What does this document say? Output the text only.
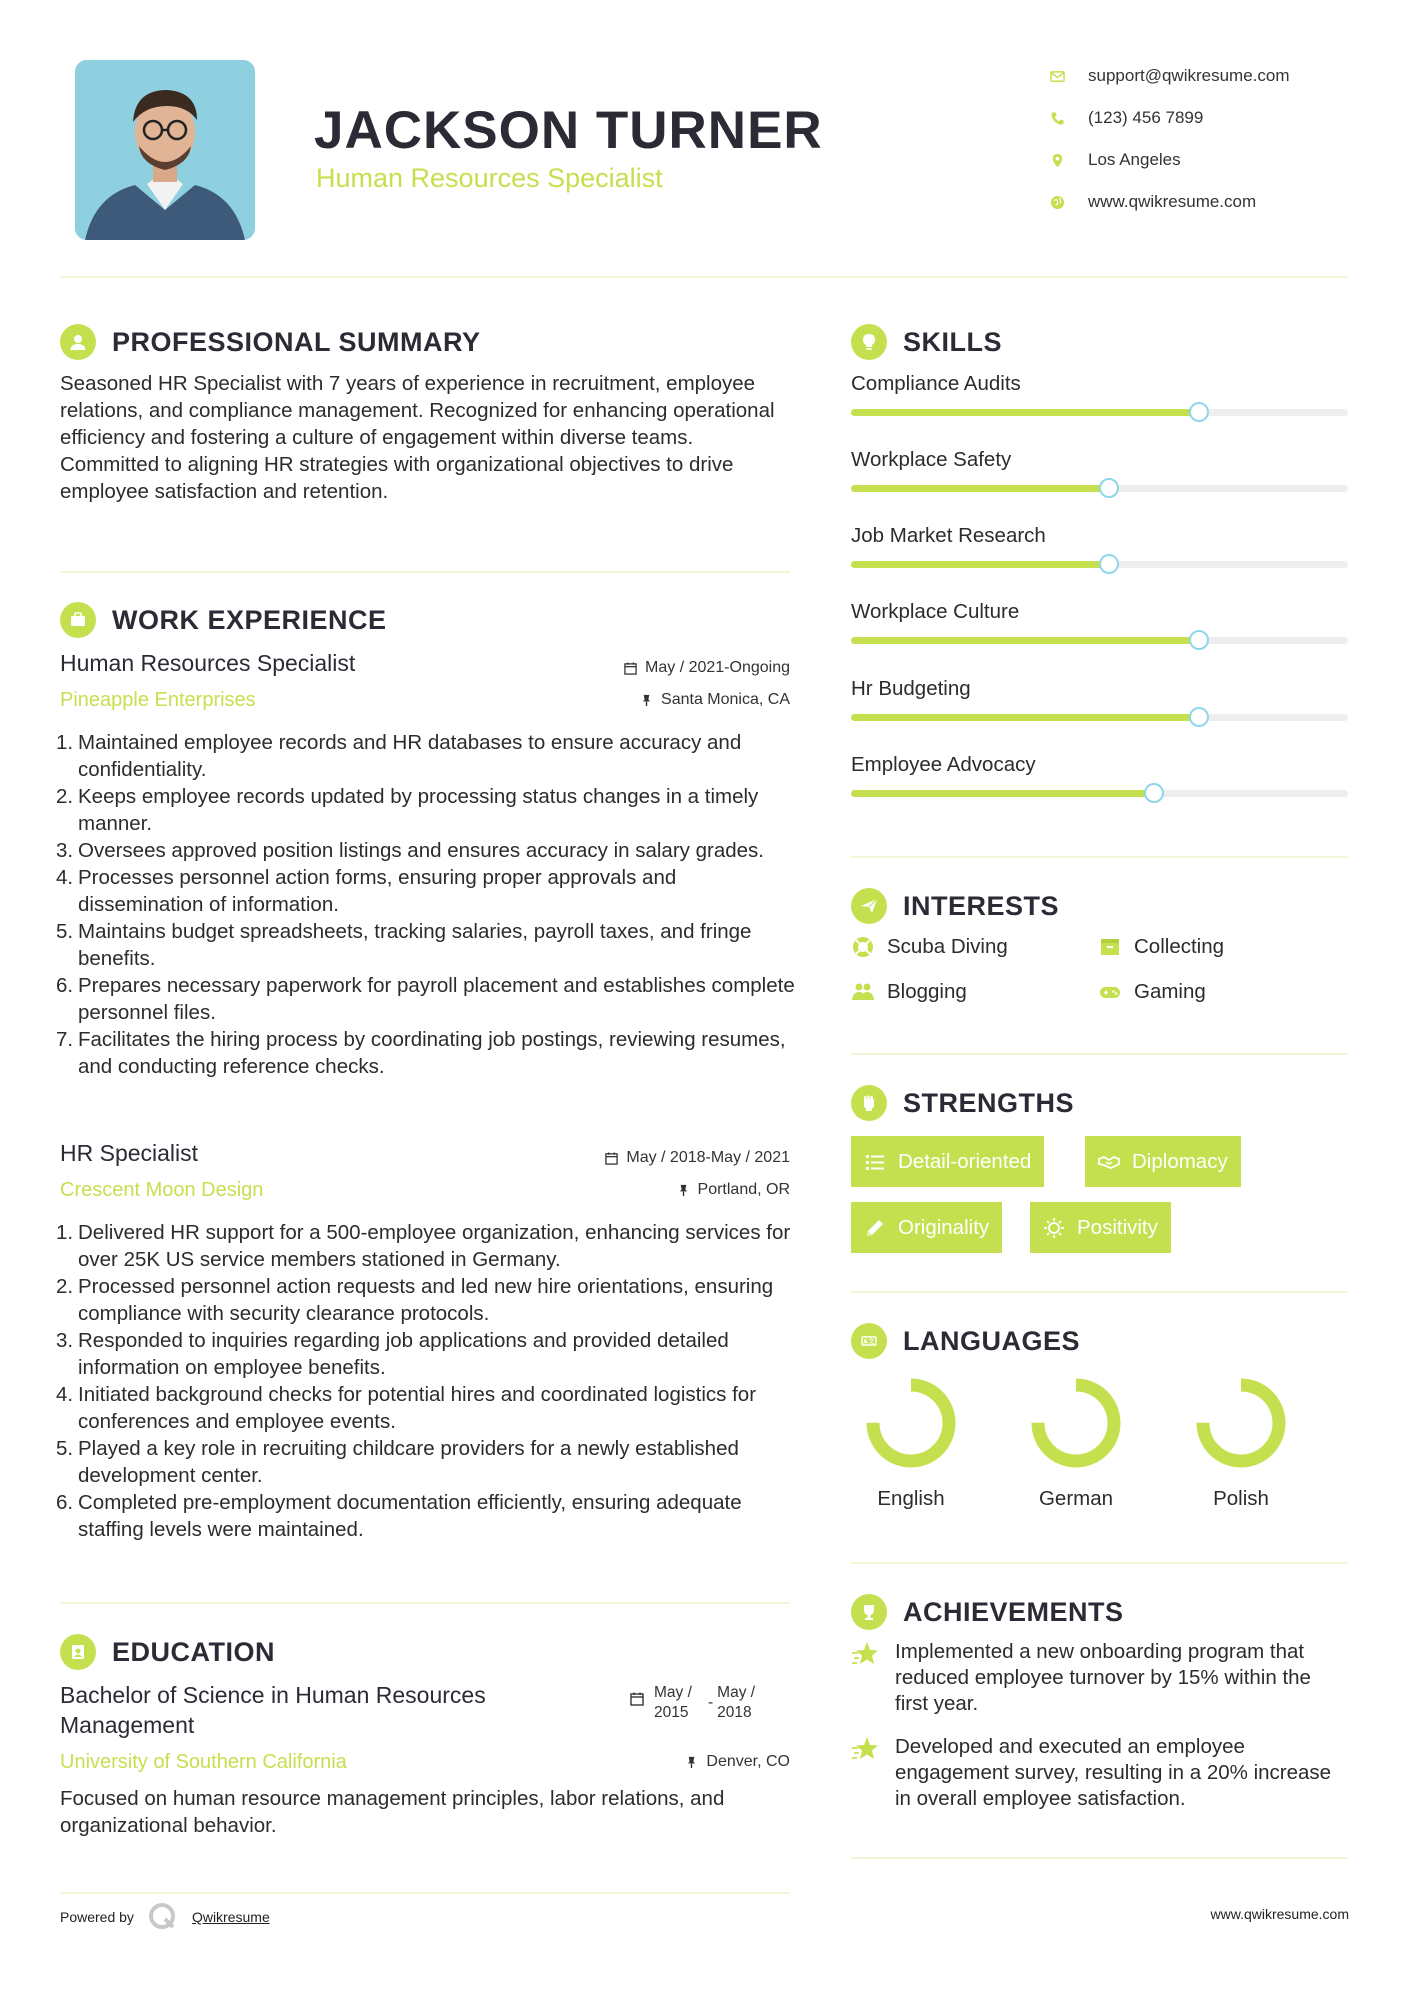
JACKSON TURNER
Human Resources Specialist
support@qwikresume.com
(123) 456 7899
Los Angeles
www.qwikresume.com
PROFESSIONAL SUMMARY
Seasoned HR Specialist with 7 years of experience in recruitment, employee relations, and compliance management. Recognized for enhancing operational efficiency and fostering a culture of engagement within diverse teams. Committed to aligning HR strategies with organizational objectives to drive employee satisfaction and retention.
WORK EXPERIENCE
Human Resources Specialist
Pineapple Enterprises
May / 2021-Ongoing
Santa Monica, CA
Maintained employee records and HR databases to ensure accuracy and confidentiality.
Keeps employee records updated by processing status changes in a timely manner.
Oversees approved position listings and ensures accuracy in salary grades.
Processes personnel action forms, ensuring proper approvals and dissemination of information.
Maintains budget spreadsheets, tracking salaries, payroll taxes, and fringe benefits.
Prepares necessary paperwork for payroll placement and establishes complete personnel files.
Facilitates the hiring process by coordinating job postings, reviewing resumes, and conducting reference checks.
HR Specialist
Crescent Moon Design
May / 2018-May / 2021
Portland, OR
Delivered HR support for a 500-employee organization, enhancing services for over 25K US service members stationed in Germany.
Processed personnel action requests and led new hire orientations, ensuring compliance with security clearance protocols.
Responded to inquiries regarding job applications and provided detailed information on employee benefits.
Initiated background checks for potential hires and coordinated logistics for conferences and employee events.
Played a key role in recruiting childcare providers for a newly established development center.
Completed pre-employment documentation efficiently, ensuring adequate staffing levels were maintained.
EDUCATION
Bachelor of Science in Human Resources Management
University of Southern California
May / 2015
-
May / 2018
Denver, CO
Focused on human resource management principles, labor relations, and organizational behavior.
SKILLS
Compliance Audits
Workplace Safety
Job Market Research
Workplace Culture
Hr Budgeting
Employee Advocacy
INTERESTS
Scuba Diving	Collecting
Blogging	Gaming
STRENGTHS
Detail-oriented	Diplomacy
Originality	Positivity
A文 LANGUAGES
English	German	Polish
ACHIEVEMENTS
Implemented a new onboarding program that reduced employee turnover by 15% within the first year.
Developed and executed an employee engagement survey, resulting in a 20% increase in overall employee satisfaction.
Powered by	Qwikresume	www.qwikresume.com
